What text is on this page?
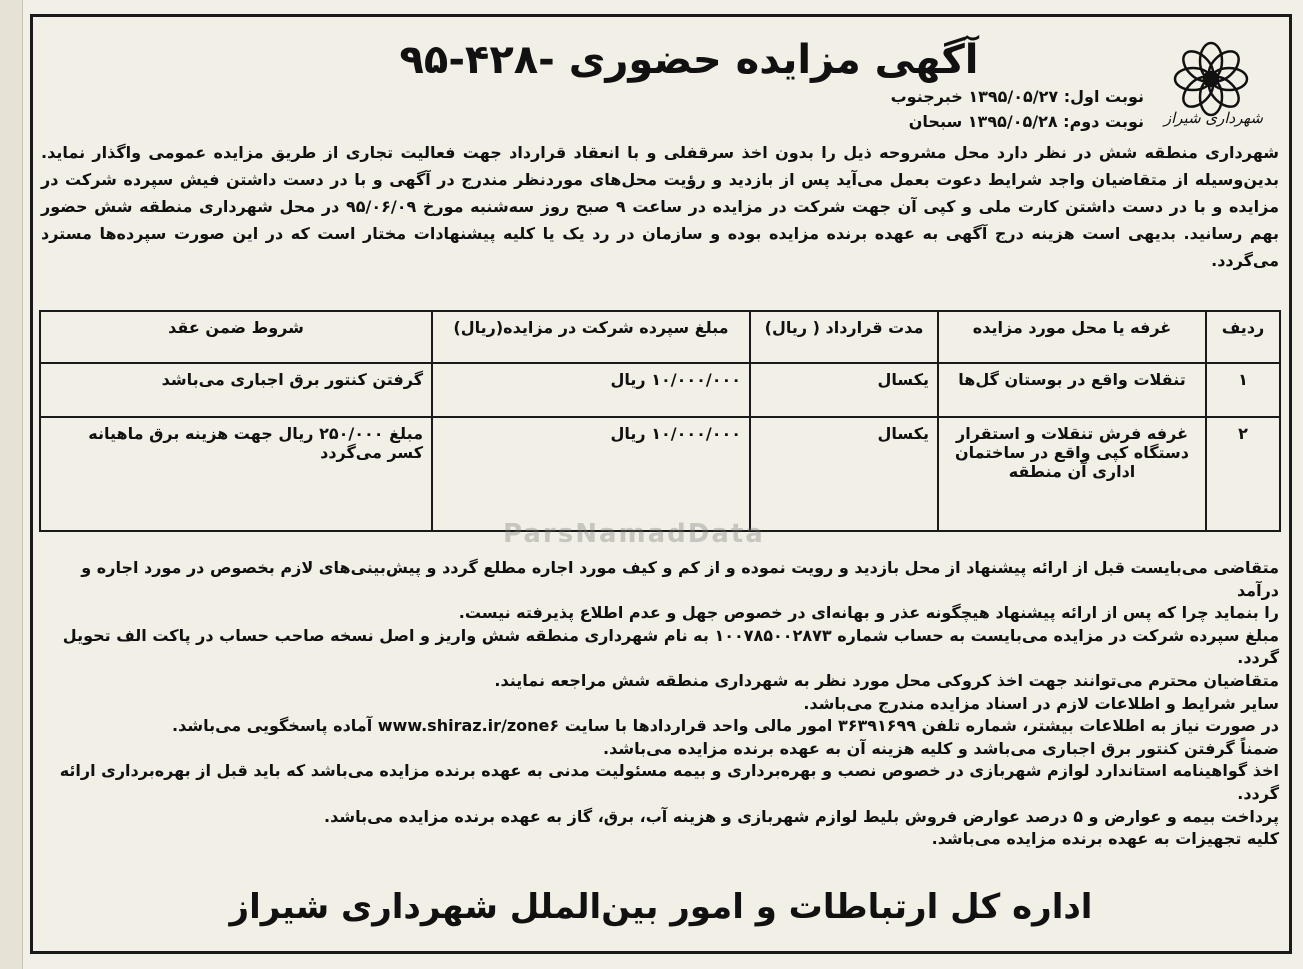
شهرداری شیراز
آگهی مزایده حضوری -۴۲۸-۹۵
نوبت اول: ۱۳۹۵/۰۵/۲۷ خبرجنوب
نوبت دوم: ۱۳۹۵/۰۵/۲۸ سبحان
شهرداری منطقه شش در نظر دارد محل مشروحه ذیل را بدون اخذ سرقفلی و با انعقاد قرارداد جهت فعالیت تجاری از طریق مزایده عمومی واگذار نماید. بدین‌وسیله از متقاضیان واجد شرایط دعوت بعمل می‌آید پس از بازدید و رؤیت محل‌های موردنظر مندرج در آگهی و با در دست داشتن فیش سپرده شرکت در مزایده و با در دست داشتن کارت ملی و کپی آن جهت شرکت در مزایده در ساعت ۹ صبح روز سه‌شنبه مورخ ۹۵/۰۶/۰۹ در محل شهرداری منطقه شش حضور بهم رسانید. بدیهی است هزینه درج آگهی به عهده برنده مزایده بوده و سازمان در رد یک یا کلیه پیشنهادات مختار است که در این صورت سپرده‌ها مسترد می‌گردد.
ردیف	غرفه یا محل مورد مزایده	مدت قرارداد ( ریال)	مبلغ سپرده شرکت در مزایده(ریال)	شروط ضمن عقد
۱	تنقلات واقع در بوستان گل‌ها	یکسال	۱۰/۰۰۰/۰۰۰ ریال	گرفتن کنتور برق اجباری می‌باشد
۲	غرفه فرش تنقلات و استقرار دستگاه کپی واقع در ساختمان اداری آن منطقه	یکسال	۱۰/۰۰۰/۰۰۰ ریال	مبلغ ۲۵۰/۰۰۰ ریال جهت هزینه برق ماهیانه کسر می‌گردد
ParsNamadData

متقاضی می‌بایست قبل از ارائه پیشنهاد از محل بازدید و رویت نموده و از کم و کیف مورد اجاره مطلع گردد و پیش‌بینی‌های لازم بخصوص در مورد اجاره و درآمد

را بنماید چرا که پس از ارائه پیشنهاد هیچگونه عذر و بهانه‌ای در خصوص جهل و عدم اطلاع پذیرفته نیست.

مبلغ سپرده شرکت در مزایده می‌بایست به حساب شماره ۱۰۰۷۸۵۰۰۲۸۷۳ به نام شهرداری منطقه شش واریز و اصل نسخه صاحب حساب در پاکت الف تحویل گردد.

متقاضیان محترم می‌توانند جهت اخذ کروکی محل مورد نظر به شهرداری منطقه شش مراجعه نمایند.

سایر شرایط و اطلاعات لازم در اسناد مزایده مندرج می‌باشد.

در صورت نیاز به اطلاعات بیشتر، شماره تلفن ۳۶۳۹۱۶۹۹ امور مالی واحد قراردادها با سایت www.shiraz.ir/zone۶ آماده پاسخگویی می‌باشد.

ضمناً گرفتن کنتور برق اجباری می‌باشد و کلیه هزینه آن به عهده برنده مزایده می‌باشد.

اخذ گواهینامه استاندارد لوازم شهربازی در خصوص نصب و بهره‌برداری و بیمه مسئولیت مدنی به عهده برنده مزایده می‌باشد که باید قبل از بهره‌برداری ارائه گردد.

پرداخت بیمه و عوارض و ۵ درصد عوارض فروش بلیط لوازم شهربازی و هزینه آب، برق، گاز به عهده برنده مزایده می‌باشد.

کلیه تجهیزات به عهده برنده مزایده می‌باشد.

اداره کل ارتباطات و امور بین‌الملل شهرداری شیراز
